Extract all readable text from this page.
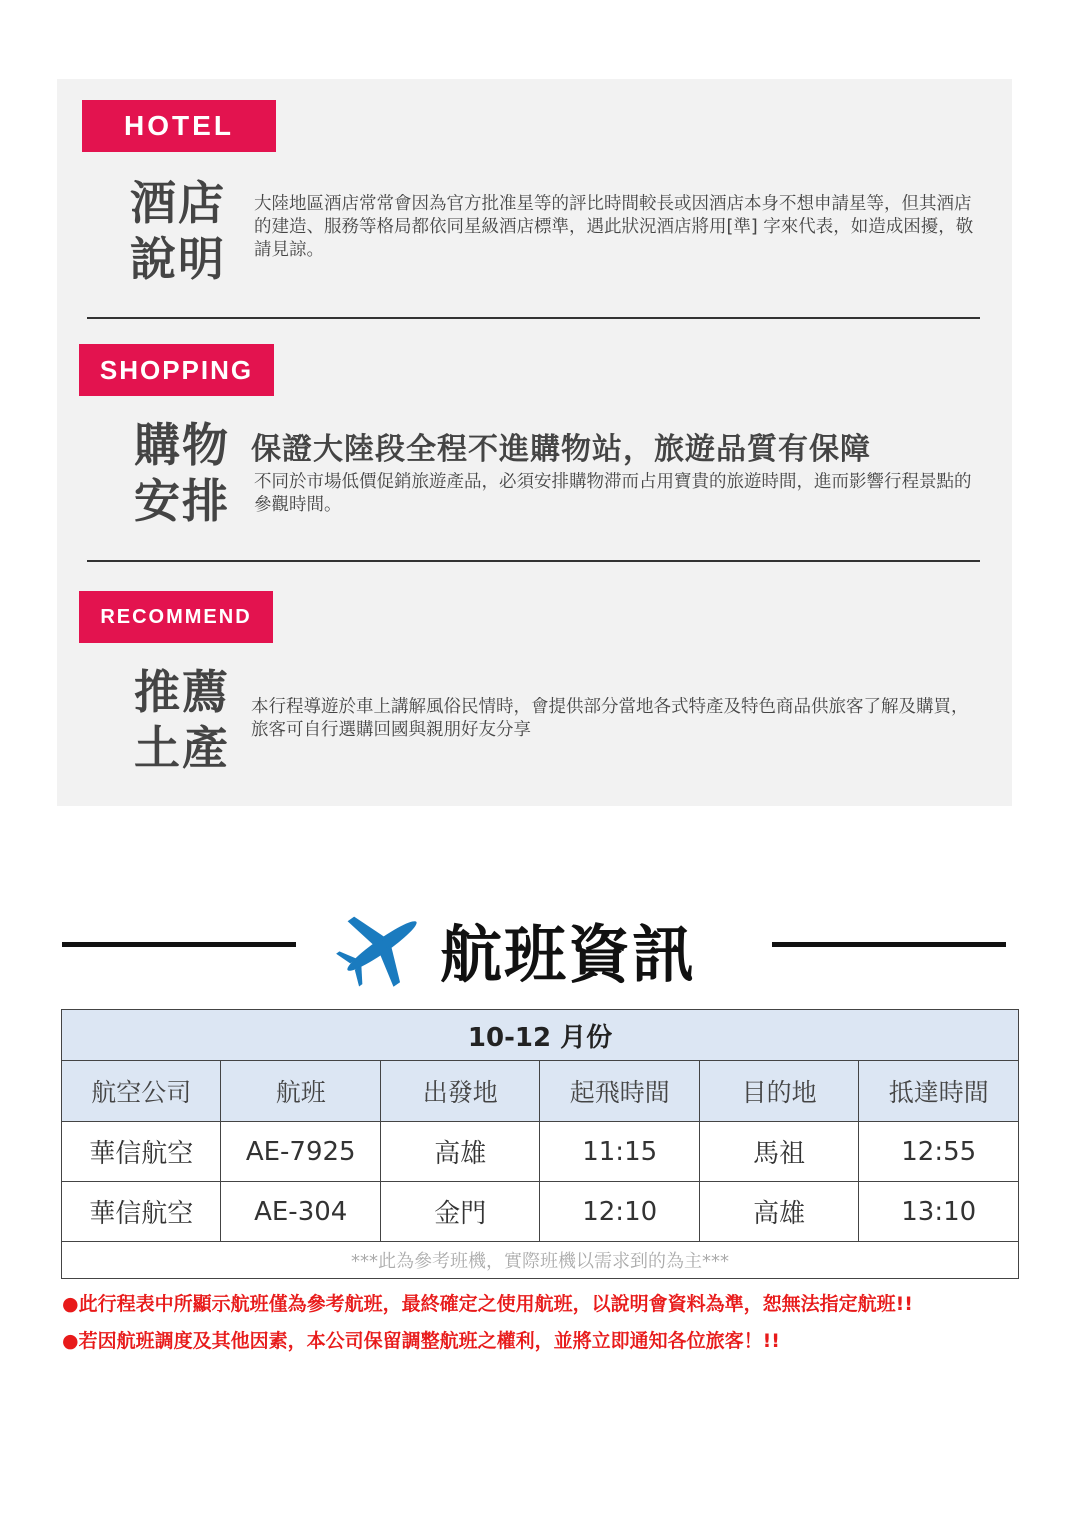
HOTEL
酒店
說明
大陸地區酒店常常會因為官方批准星等的評比時間較長或因酒店本身不想申請星等，但其酒店的建造、服務等格局都依同星級酒店標準，遇此狀況酒店將用[準] 字來代表，如造成困擾，敬請見諒。
SHOPPING
購物
安排
保證大陸段全程不進購物站，旅遊品質有保障
不同於市場低價促銷旅遊產品，必須安排購物滞而占用寶貴的旅遊時間，進而影響行程景點的參觀時間。
RECOMMEND
推薦
土產
本行程導遊於車上講解風俗民情時，會提供部分當地各式特產及特色商品供旅客了解及購買，旅客可自行選購回國與親朋好友分享
航班資訊
10-12 月份					
航空公司	航班	出發地	起飛時間	目的地	抵達時間
華信航空	AE-7925	高雄	11:15	馬祖	12:55
華信航空	AE-304	金門	12:10	高雄	13:10
***此為參考班機，實際班機以需求到的為主***					
●此行程表中所顯示航班僅為參考航班，最終確定之使用航班，以說明會資料為準，恕無法指定航班!!
●若因航班調度及其他因素，本公司保留調整航班之權利，並將立即通知各位旅客！!!
